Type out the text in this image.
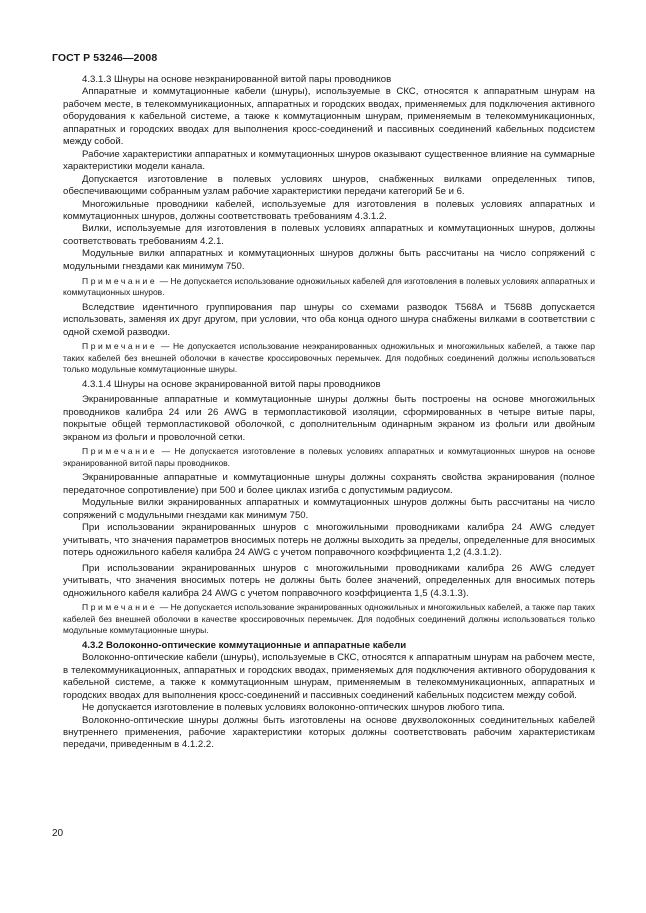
ГОСТ Р 53246—2008

4.3.1.3 Шнуры на основе неэкранированной витой пары проводников

Аппаратные и коммутационные кабели (шнуры), используемые в СКС, относятся к аппаратным шнурам на рабочем месте, в телекоммуникационных, аппаратных и городских вводах, применяемых для подключения активного оборудования к кабельной системе, а также к коммутационным шнурам, применяемым в телекоммуникационных, аппаратных и городских вводах для выполнения кросс-соединений и пассивных соединений кабельных подсистем между собой.

Рабочие характеристики аппаратных и коммутационных шнуров оказывают существенное влияние на суммарные характеристики модели канала.

Допускается изготовление в полевых условиях шнуров, снабженных вилками определенных типов, обеспечивающими собранным узлам рабочие характеристики передачи категорий 5е и 6.

Многожильные проводники кабелей, используемые для изготовления в полевых условиях аппаратных и коммутационных шнуров, должны соответствовать требованиям 4.3.1.2.

Вилки, используемые для изготовления в полевых условиях аппаратных и коммутационных шнуров, должны соответствовать требованиям 4.2.1.

Модульные вилки аппаратных и коммутационных шнуров должны быть рассчитаны на число сопряжений с модульными гнездами как минимум 750.

Примечание — Не допускается использование одножильных кабелей для изготовления в полевых условиях аппаратных и коммутационных шнуров.

Вследствие идентичного группирования пар шнуры со схемами разводок T568A и T568B допускается использовать, заменяя их друг другом, при условии, что оба конца одного шнура снабжены вилками в соответствии с одной схемой разводки.

Примечание — Не допускается использование неэкранированных одножильных и многожильных кабелей, а также пар таких кабелей без внешней оболочки в качестве кроссировочных перемычек. Для подобных соединений должны использоваться только модульные коммутационные шнуры.

4.3.1.4 Шнуры на основе экранированной витой пары проводников

Экранированные аппаратные и коммутационные шнуры должны быть построены на основе многожильных проводников калибра 24 или 26 AWG в термопластиковой изоляции, сформированных в четыре витые пары, покрытые общей термопластиковой оболочкой, с дополнительным одинарным экраном из фольги или двойным экраном из фольги и проволочной сетки.

Примечание — Не допускается изготовление в полевых условиях аппаратных и коммутационных шнуров на основе экранированной витой пары проводников.

Экранированные аппаратные и коммутационные шнуры должны сохранять свойства экранирования (полное передаточное сопротивление) при 500 и более циклах изгиба с допустимым радиусом.

Модульные вилки экранированных аппаратных и коммутационных шнуров должны быть рассчитаны на число сопряжений с модульными гнездами как минимум 750.

При использовании экранированных шнуров с многожильными проводниками калибра 24 AWG следует учитывать, что значения параметров вносимых потерь не должны выходить за пределы, определенные для вносимых потерь одножильного кабеля калибра 24 AWG с учетом поправочного коэффициента 1,2 (4.3.1.2).

При использовании экранированных шнуров с многожильными проводниками калибра 26 AWG следует учитывать, что значения вносимых потерь не должны быть более значений, определенных для вносимых потерь одножильного кабеля калибра 24 AWG с учетом поправочного коэффициента 1,5 (4.3.1.3).

Примечание — Не допускается использование экранированных одножильных и многожильных кабелей, а также пар таких кабелей без внешней оболочки в качестве кроссировочных перемычек. Для подобных соединений должны использоваться только модульные коммутационные шнуры.

4.3.2 Волоконно-оптические коммутационные и аппаратные кабели

Волоконно-оптические кабели (шнуры), используемые в СКС, относятся к аппаратным шнурам на рабочем месте, в телекоммуникационных, аппаратных и городских вводах, применяемых для подключения активного оборудования к кабельной системе, а также к коммутационным шнурам, применяемым в телекоммуникационных, аппаратных и городских вводах для выполнения кросс-соединений и пассивных соединений кабельных подсистем между собой.

Не допускается изготовление в полевых условиях волоконно-оптических шнуров любого типа.

Волоконно-оптические шнуры должны быть изготовлены на основе двухволоконных соединительных кабелей внутреннего применения, рабочие характеристики которых должны соответствовать рабочим характеристикам передачи, приведенным в 4.1.2.2.

20
